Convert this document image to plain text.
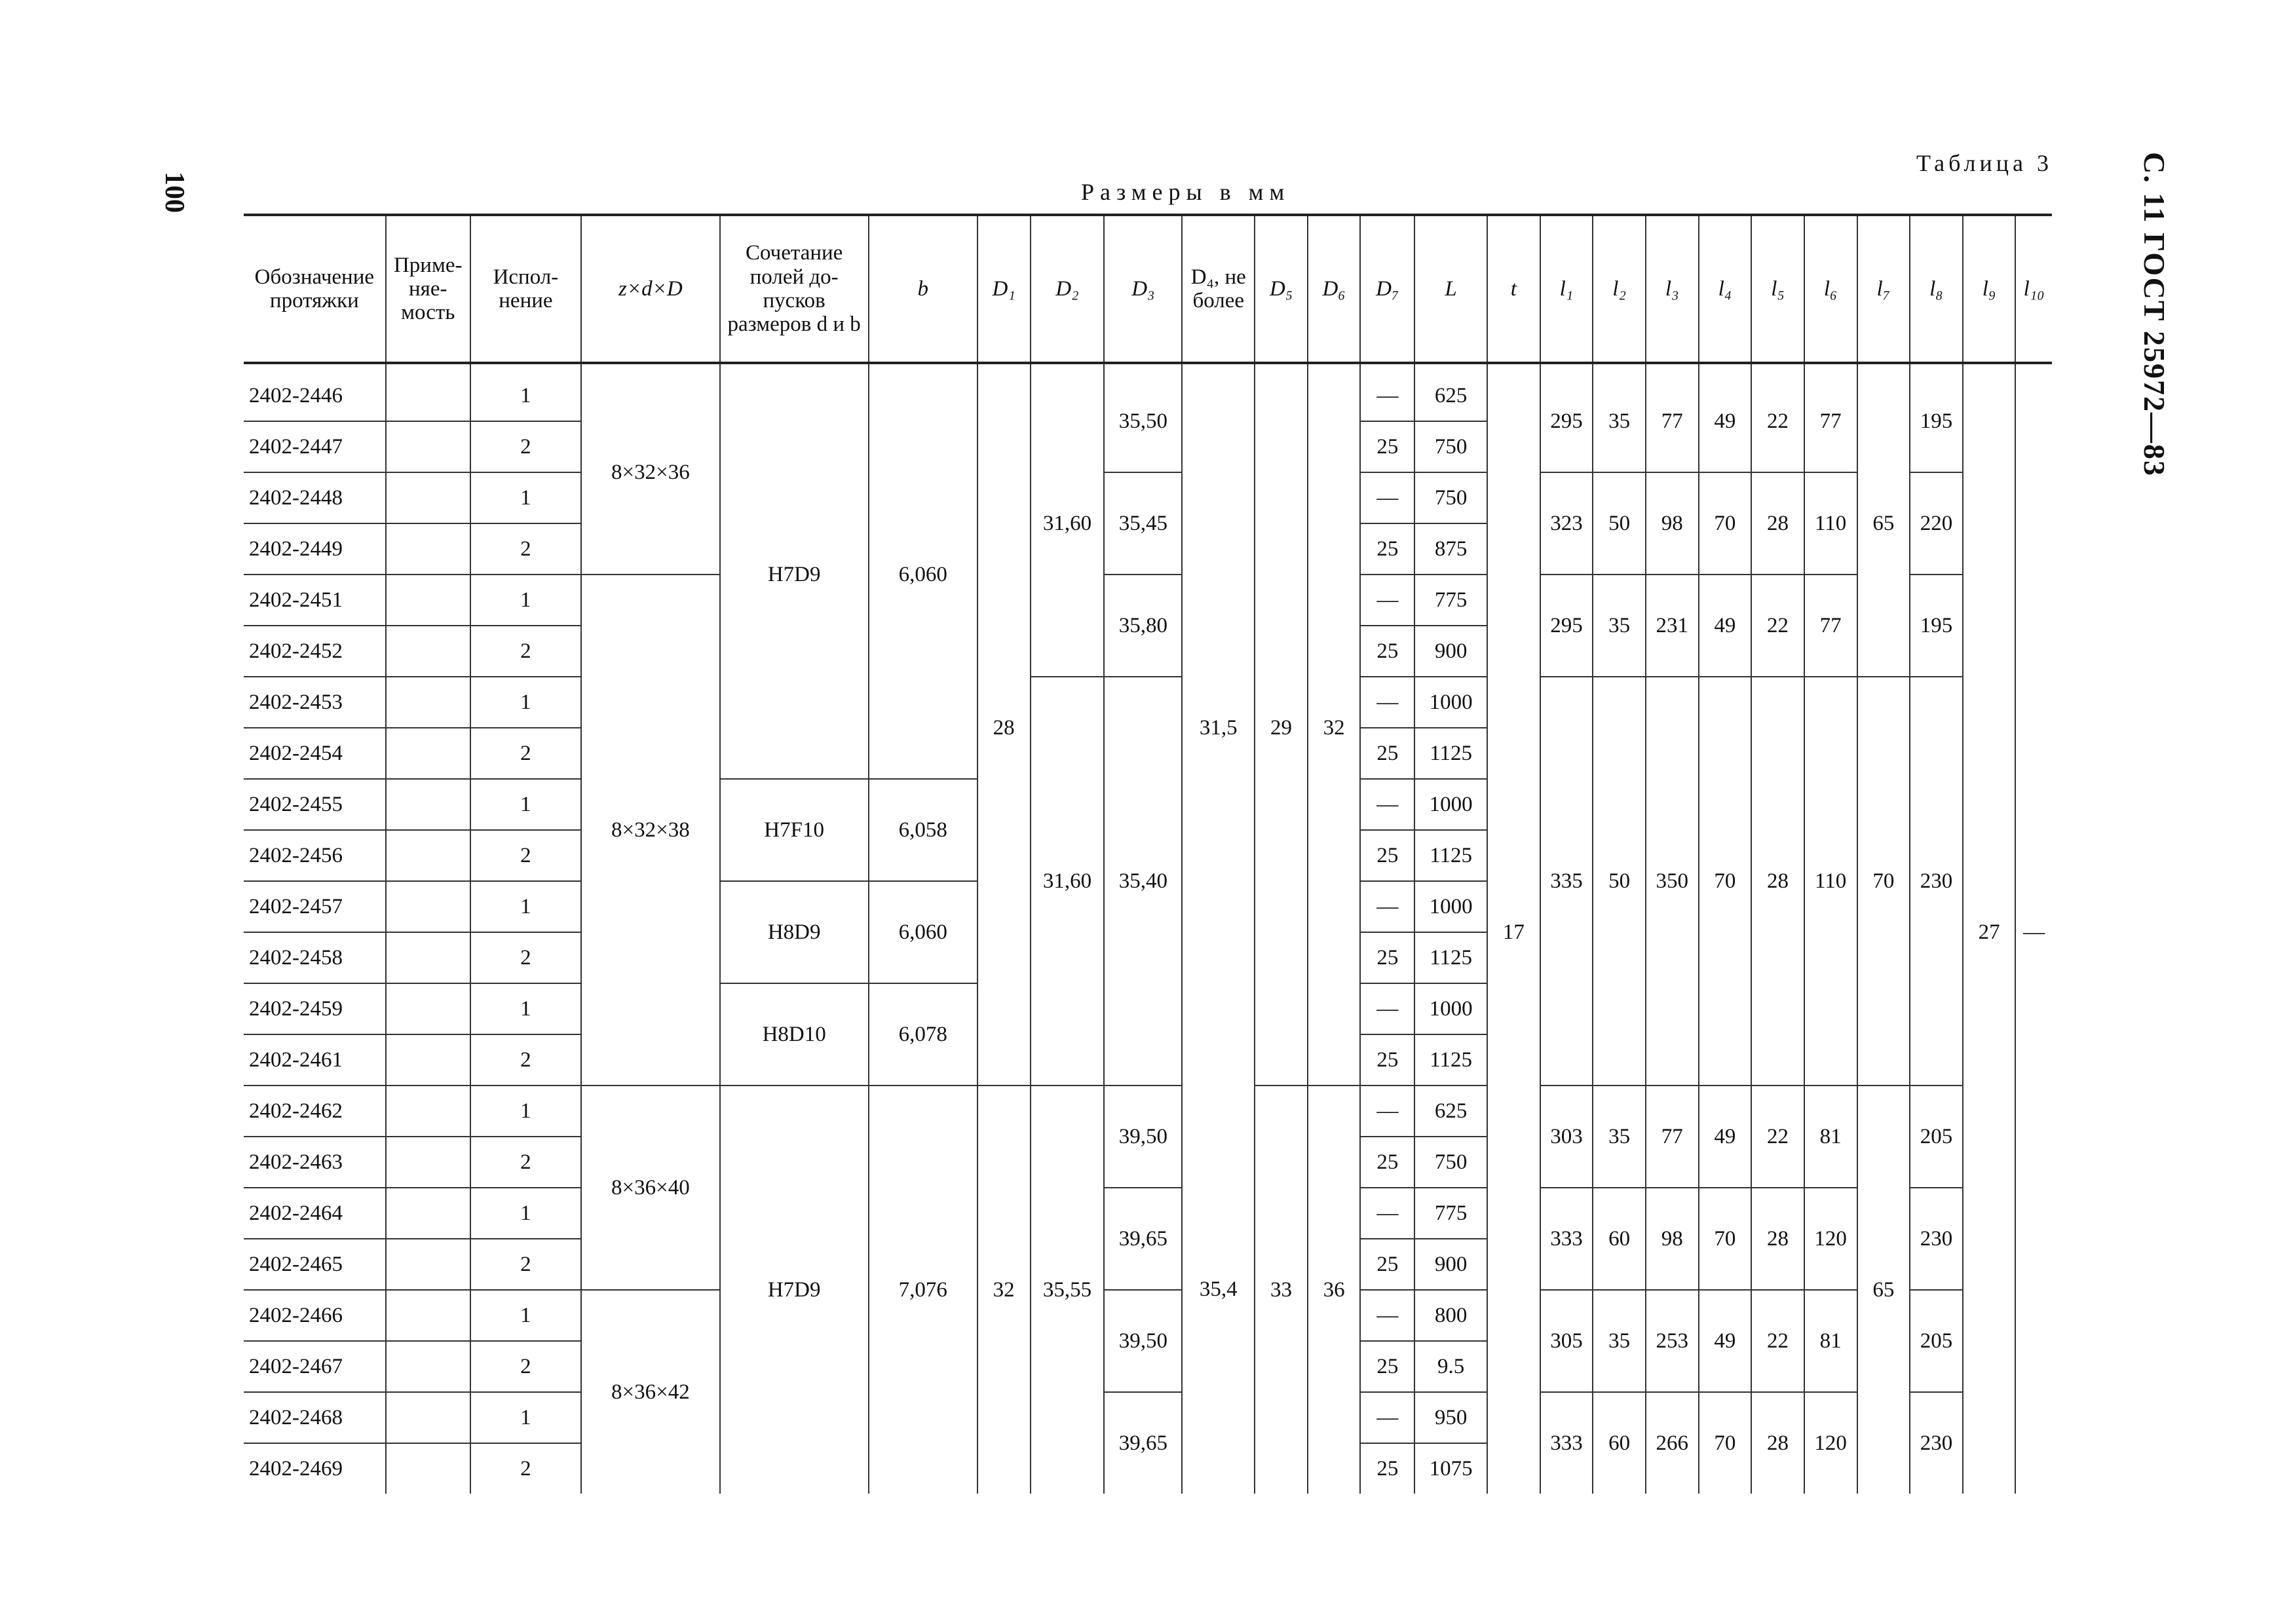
100	С. 11 ГОСТ 25972—83
Таблица 3
Размеры в мм
Обозначение протяжки	Приме- няе- мость	Испол- нение	z×d×D	Сочетание полей до- пусков размеров d и b	b	D₁	D₂	D₃	D₄, не более	D₅	D₆	D₇	L	t	l₁	l₂	l₃	l₄	l₅	l₆	l₇	l₈	l₉	l₁₀

2402-2446		1	8×32×36	H7D9	6,060	28	31,60	35,50	31,5	29	32	—	625	17	295	35	77	49	22	77	65	195	27	—
2402-2447		2										25	750											
2402-2448		1						35,45				—	750		323	50	98	70	28	110		220		
2402-2449		2										25	875											
2402-2451		1	8×32×38					35,80				—	775		295	35	231	49	22	77		195		
2402-2452		2										25	900											
2402-2453		1					31,60	35,40				—	1000		335	50	350	70	28	110	70	230		
2402-2454		2										25	1125											
2402-2455		1		H7F10	6,058							—	1000											
2402-2456		2										25	1125											
2402-2457		1		H8D9	6,060							—	1000											
2402-2458		2										25	1125											
2402-2459		1		H8D10	6,078							—	1000											
2402-2461		2										25	1125											
2402-2462		1	8×36×40	H7D9	7,076	32	35,55	39,50	35,4	33	36	—	625		303	35	77	49	22	81	65	205		
2402-2463		2										25	750											
2402-2464		1						39,65				—	775		333	60	98	70	28	120		230		
2402-2465		2										25	900											
2402-2466		1	8×36×42					39,50				—	800		305	35	253	49	22	81		205		
2402-2467		2										25	9.5											
2402-2468		1						39,65				—	950		333	60	266	70	28	120		230		
2402-2469		2										25	1075											
